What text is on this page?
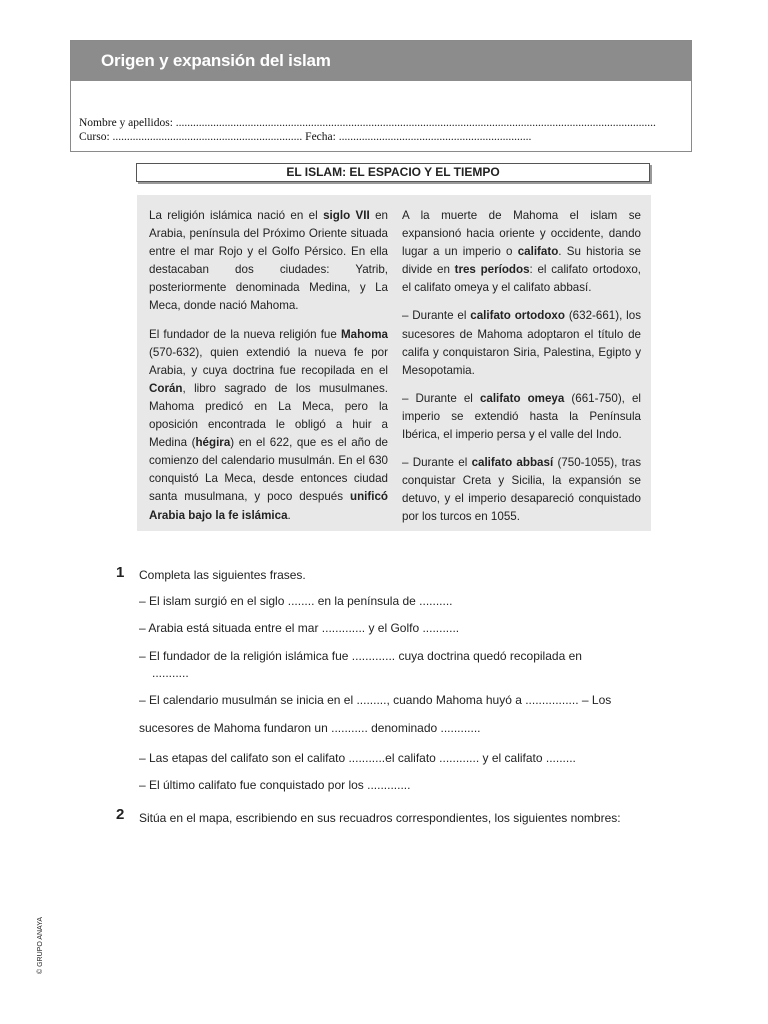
Origen y expansión del islam
Nombre y apellidos: .......................................................................................................................................................................
Curso: .................................................................. Fecha: ...................................................................
EL ISLAM: EL ESPACIO Y EL TIEMPO

La religión islámica nació en el siglo VII en Arabia, península del Próximo Oriente situada entre el mar Rojo y el Golfo Pérsico. En ella destacaban dos ciudades: Yatrib, posteriormente denominada Medina, y La Meca, donde nació Mahoma.

El fundador de la nueva religión fue Mahoma (570-632), quien extendió la nueva fe por Arabia, y cuya doctrina fue recopilada en el Corán, libro sagrado de los musulmanes. Mahoma predicó en La Meca, pero la oposición encontrada le obligó a huir a Medina (hégira) en el 622, que es el año de comienzo del calendario musulmán. En el 630 conquistó La Meca, desde entonces ciudad santa musulmana, y poco después unificó Arabia bajo la fe islámica.

A la muerte de Mahoma el islam se expansionó hacia oriente y occidente, dando lugar a un imperio o califato. Su historia se divide en tres períodos: el califato ortodoxo, el califato omeya y el califato abbasí.

– Durante el califato ortodoxo (632-661), los sucesores de Mahoma adoptaron el título de califa y conquistaron Siria, Palestina, Egipto y Mesopotamia.

– Durante el califato omeya (661-750), el imperio se extendió hasta la Península Ibérica, el imperio persa y el valle del Indo.

– Durante el califato abbasí (750-1055), tras conquistar Creta y Sicilia, la expansión se detuvo, y el imperio desapareció conquistado por los turcos en 1055.

1 Completa las siguientes frases.
– El islam surgió en el siglo ........ en la península de ..........
– Arabia está situada entre el mar ............. y el Golfo ...........
– El fundador de la religión islámica fue ............. cuya doctrina quedó recopilada en
...........
– El calendario musulmán se inicia en el ........., cuando Mahoma huyó a ................ – Los
sucesores de Mahoma fundaron un ........... denominado ............
– Las etapas del califato son el califato ...........el califato ............ y el califato .........
– El último califato fue conquistado por los .............
2 Sitúa en el mapa, escribiendo en sus recuadros correspondientes, los siguientes nombres:
© GRUPO ANAYA
